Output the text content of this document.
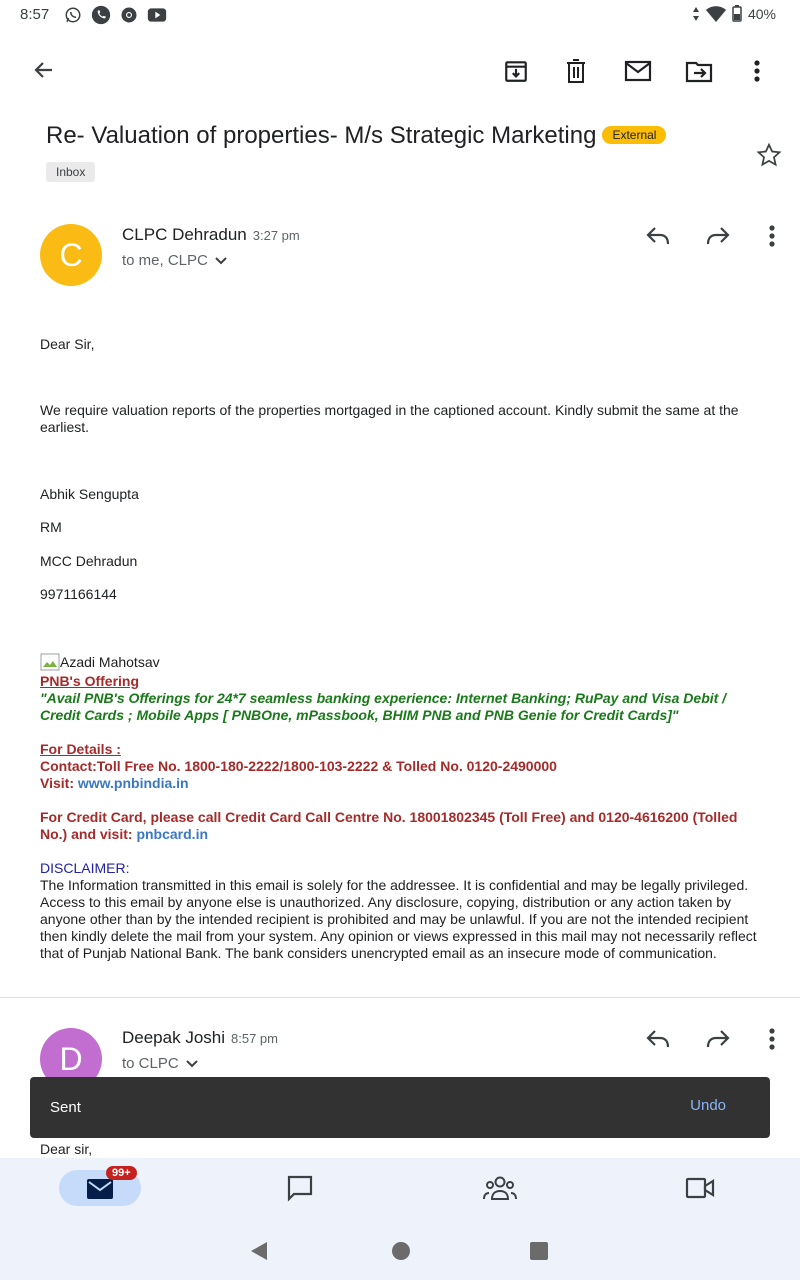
8:57	40%
Re- Valuation of properties- M/s Strategic Marketing External
Inbox
C
CLPC Dehradun 3:27 pm
to me, CLPC
Dear Sir,
We require valuation reports of the properties mortgaged in the captioned account. Kindly submit the same at the earliest.
Abhik Sengupta
RM
MCC Dehradun
9971166144
Azadi Mahotsav
PNB's Offering
"Avail PNB's Offerings for 24*7 seamless banking experience: Internet Banking; RuPay and Visa Debit / Credit Cards ; Mobile Apps [ PNBOne, mPassbook, BHIM PNB and PNB Genie for Credit Cards]"
For Details :
Contact:Toll Free No. 1800-180-2222/1800-103-2222 & Tolled No. 0120-2490000
Visit: www.pnbindia.in
For Credit Card, please call Credit Card Call Centre No. 18001802345 (Toll Free) and 0120-4616200 (Tolled No.) and visit: pnbcard.in
DISCLAIMER:
The Information transmitted in this email is solely for the addressee. It is confidential and may be legally privileged. Access to this email by anyone else is unauthorized. Any disclosure, copying, distribution or any action taken by anyone other than by the intended recipient is prohibited and may be unlawful. If you are not the intended recipient then kindly delete the mail from your system. Any opinion or views expressed in this mail may not necessarily reflect that of Punjab National Bank. The bank considers unencrypted email as an insecure mode of communication.
D
Deepak Joshi 8:57 pm
to CLPC
Dear sir,
Sent	Undo
99+
